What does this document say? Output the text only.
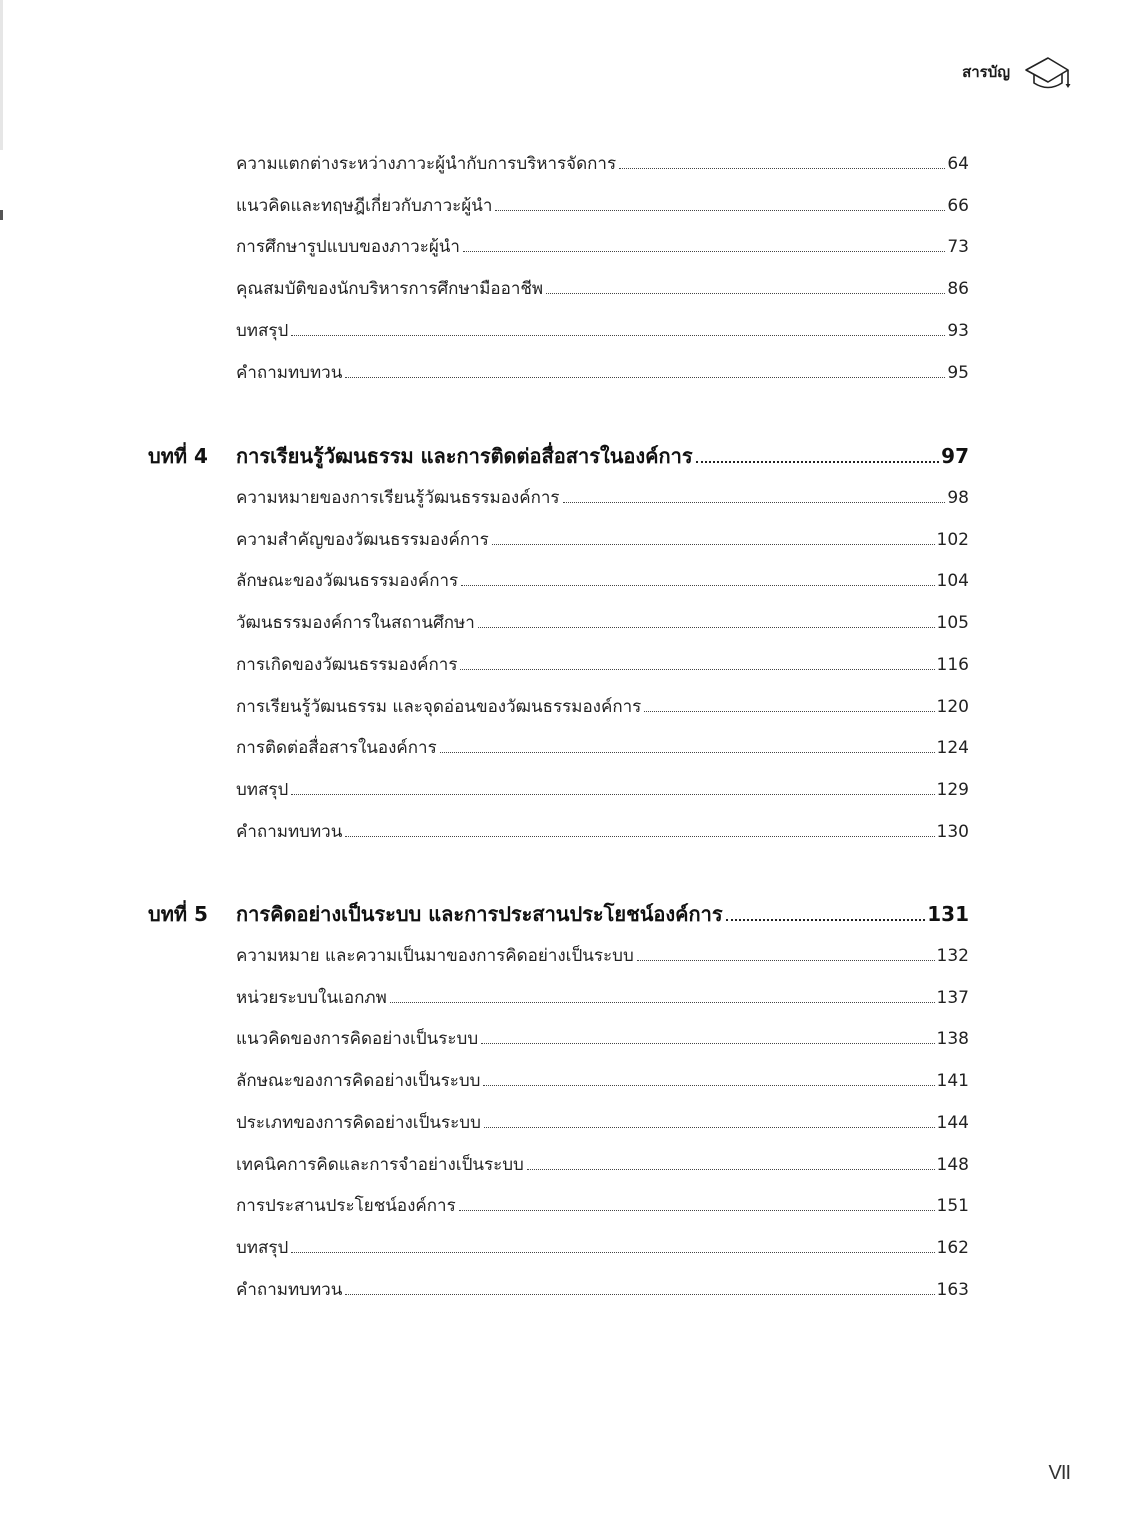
สารบัญ
ความแตกต่างระหว่างภาวะผู้นำกับการบริหารจัดการ	64
แนวคิดและทฤษฎีเกี่ยวกับภาวะผู้นำ	66
การศึกษารูปแบบของภาวะผู้นำ	73
คุณสมบัติของนักบริหารการศึกษามืออาชีพ	86
บทสรุป	93
คำถามทบทวน	95
บทที่ 4	การเรียนรู้วัฒนธรรม และการติดต่อสื่อสารในองค์การ	97
ความหมายของการเรียนรู้วัฒนธรรมองค์การ	98
ความสำคัญของวัฒนธรรมองค์การ	102
ลักษณะของวัฒนธรรมองค์การ	104
วัฒนธรรมองค์การในสถานศึกษา	105
การเกิดของวัฒนธรรมองค์การ	116
การเรียนรู้วัฒนธรรม และจุดอ่อนของวัฒนธรรมองค์การ	120
การติดต่อสื่อสารในองค์การ	124
บทสรุป	129
คำถามทบทวน	130
บทที่ 5	การคิดอย่างเป็นระบบ และการประสานประโยชน์องค์การ	131
ความหมาย และความเป็นมาของการคิดอย่างเป็นระบบ	132
หน่วยระบบในเอกภพ	137
แนวคิดของการคิดอย่างเป็นระบบ	138
ลักษณะของการคิดอย่างเป็นระบบ	141
ประเภทของการคิดอย่างเป็นระบบ	144
เทคนิคการคิดและการจำอย่างเป็นระบบ	148
การประสานประโยชน์องค์การ	151
บทสรุป	162
คำถามทบทวน	163
VII
